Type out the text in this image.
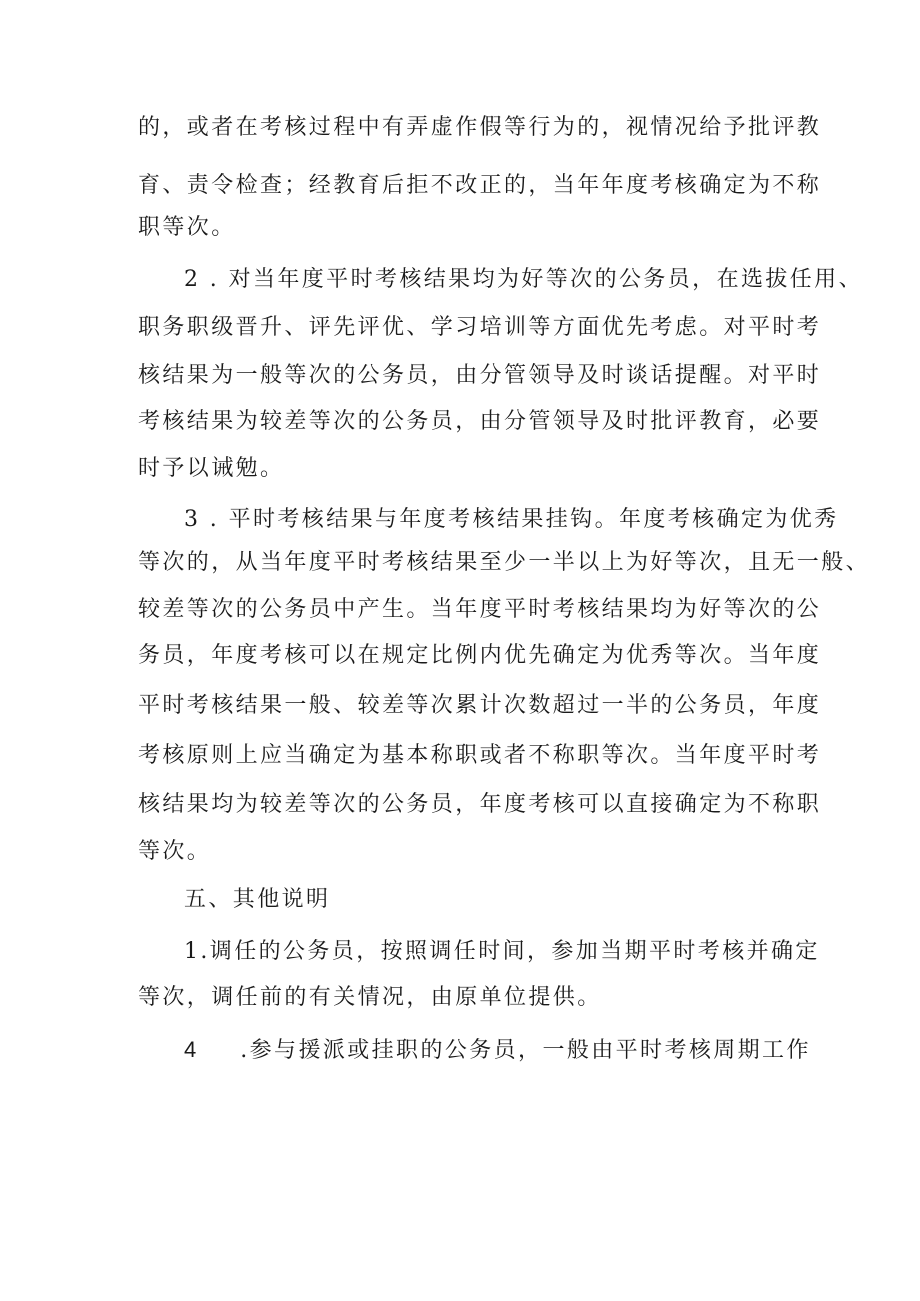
的，或者在考核过程中有弄虚作假等行为的，视情况给予批评教
育、责令检查；经教育后拒不改正的，当年年度考核确定为不称
职等次。
2 . 对当年度平时考核结果均为好等次的公务员，在选拔任用、
职务职级晋升、评先评优、学习培训等方面优先考虑。对平时考
核结果为一般等次的公务员，由分管领导及时谈话提醒。对平时
考核结果为较差等次的公务员，由分管领导及时批评教育，必要
时予以诫勉。
3 . 平时考核结果与年度考核结果挂钩。年度考核确定为优秀
等次的，从当年度平时考核结果至少一半以上为好等次，且无一般、
较差等次的公务员中产生。当年度平时考核结果均为好等次的公
务员，年度考核可以在规定比例内优先确定为优秀等次。当年度
平时考核结果一般、较差等次累计次数超过一半的公务员，年度
考核原则上应当确定为基本称职或者不称职等次。当年度平时考
核结果均为较差等次的公务员，年度考核可以直接确定为不称职
等次。
五、其他说明
1.调任的公务员，按照调任时间，参加当期平时考核并确定
等次，调任前的有关情况，由原单位提供。
4 .参与援派或挂职的公务员，一般由平时考核周期工作
